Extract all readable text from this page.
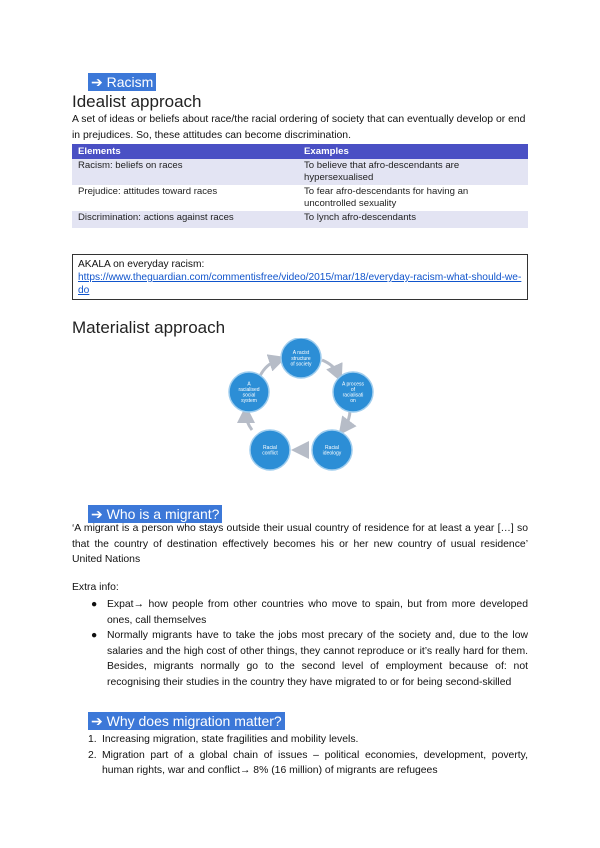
➔ Racism
Idealist approach

A set of ideas or beliefs about race/the racial ordering of society that can eventually develop or end in prejudices. So, these attitudes can become discrimination.

Elements	Examples
Racism: beliefs on races	To believe that afro-descendants are hypersexualised
Prejudice: attitudes toward races	To fear afro-descendants for having an uncontrolled sexuality
Discrimination: actions against races	To lynch afro-descendants
AKALA on everyday racism:
https://www.theguardian.com/commentisfree/video/2015/mar/18/everyday-racism-what-should-we-do
Materialist approach
A racist structure of society
A process of racialisati on
Racial ideology
Racial conflict
A racialised social system
➔ Who is a migrant?

‘A migrant is a person who stays outside their usual country of residence for at least a year […] so that the country of destination effectively becomes his or her new country of usual residence’ United Nations

Extra info:
● Expat→ how people from other countries who move to spain, but from more developed ones, call themselves
● Normally migrants have to take the jobs most precary of the society and, due to the low salaries and the high cost of other things, they cannot reproduce or it’s really hard for them. Besides, migrants normally go to the second level of employment because of: not recognising their studies in the country they have migrated to or for being second-skilled
➔ Why does migration matter?
1. Increasing migration, state fragilities and mobility levels.
2. Migration part of a global chain of issues – political economies, development, poverty, human rights, war and conflict→ 8% (16 million) of migrants are refugees
